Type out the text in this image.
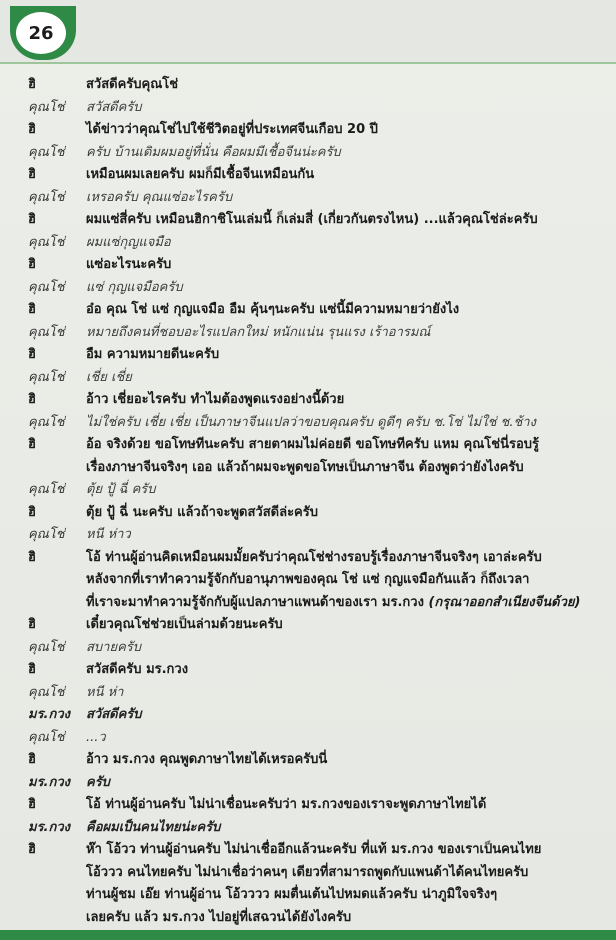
26
ฮิ	สวัสดีครับคุณโช่
คุณโช่	สวัสดีครับ
ฮิ	ได้ข่าวว่าคุณโช่ไปใช้ชีวิตอยู่ที่ประเทศจีนเกือบ 20 ปี
คุณโช่	ครับ บ้านเดิมผมอยู่ที่นั่น คือผมมีเชื้อจีนน่ะครับ
ฮิ	เหมือนผมเลยครับ ผมก็มีเชื้อจีนเหมือนกัน
คุณโช่	เหรอครับ คุณแซ่อะไรครับ
ฮิ	ผมแซ่สี่ครับ เหมือนฮิกาชิโนเล่มนี้ ก็เล่มสี่ (เกี่ยวกันตรงไหน) ...แล้วคุณโช่ล่ะครับ
คุณโช่	ผมแซ่กุญแจมือ
ฮิ	แซ่อะไรนะครับ
คุณโช่	แซ่ กุญแจมือครับ
ฮิ	อ๋อ คุณ โช่ แซ่ กุญแจมือ อืม คุ้นๆนะครับ แซ่นี้มีความหมายว่ายังไง
คุณโช่	หมายถึงคนที่ชอบอะไรแปลกใหม่ หนักแน่น รุนแรง เร้าอารมณ์
ฮิ	อืม ความหมายดีนะครับ
คุณโช่	เชี่ย เชี่ย
ฮิ	อ้าว เชี่ยอะไรครับ ทำไมต้องพูดแรงอย่างนี้ด้วย
คุณโช่	ไม่ใช่ครับ เชี่ย เชี่ย เป็นภาษาจีนแปลว่าขอบคุณครับ ดูดีๆ ครับ ช.โช่ ไม่ใช่ ช.ช้าง
ฮิ	อ้อ จริงด้วย ขอโทษทีนะครับ สายตาผมไม่ค่อยดี ขอโทษทีครับ แหม คุณโช่นี่รอบรู้
เรื่องภาษาจีนจริงๆ เออ แล้วถ้าผมจะพูดขอโทษเป็นภาษาจีน ต้องพูดว่ายังไงครับ
คุณโช่	ตุ้ย ปู้ ฉี่ ครับ
ฮิ	ตุ้ย ปู้ ฉี่ นะครับ แล้วถ้าจะพูดสวัสดีล่ะครับ
คุณโช่	หนี ห่าว
ฮิ	โอ้ ท่านผู้อ่านคิดเหมือนผมมั้ยครับว่าคุณโช่ช่างรอบรู้เรื่องภาษาจีนจริงๆ เอาล่ะครับ
หลังจากที่เราทำความรู้จักกับอานุภาพของคุณ โช่ แซ่ กุญแจมือกันแล้ว ก็ถึงเวลา
ที่เราจะมาทำความรู้จักกับผู้แปลภาษาแพนด้าของเรา มร.กวง (กรุณาออกสำเนียงจีนด้วย)
ฮิ	เดี๋ยวคุณโช่ช่วยเป็นล่ามด้วยนะครับ
คุณโช่	สบายครับ
ฮิ	สวัสดีครับ มร.กวง
คุณโช่	หนี ห่า
มร.กวง	สวัสดีครับ
คุณโช่	...ว
ฮิ	อ้าว มร.กวง คุณพูดภาษาไทยได้เหรอครับนี่
มร.กวง	ครับ
ฮิ	โอ้ ท่านผู้อ่านครับ ไม่น่าเชื่อนะครับว่า มร.กวงของเราจะพูดภาษาไทยได้
มร.กวง	คือผมเป็นคนไทยน่ะครับ
ฮิ	ห๊า โอ้วว ท่านผู้อ่านครับ ไม่น่าเชื่ออีกแล้วนะครับ ที่แท้ มร.กวง ของเราเป็นคนไทย
โอ้ววว คนไทยครับ ไม่น่าเชื่อว่าคนๆ เดียวที่สามารถพูดกับแพนด้าได้คนไทยครับ
ท่านผู้ชม เอ๊ย ท่านผู้อ่าน โอ้วววว ผมตื่นเต้นไปหมดแล้วครับ น่าภูมิใจจริงๆ
เลยครับ แล้ว มร.กวง ไปอยู่ที่เสฉวนได้ยังไงครับ
